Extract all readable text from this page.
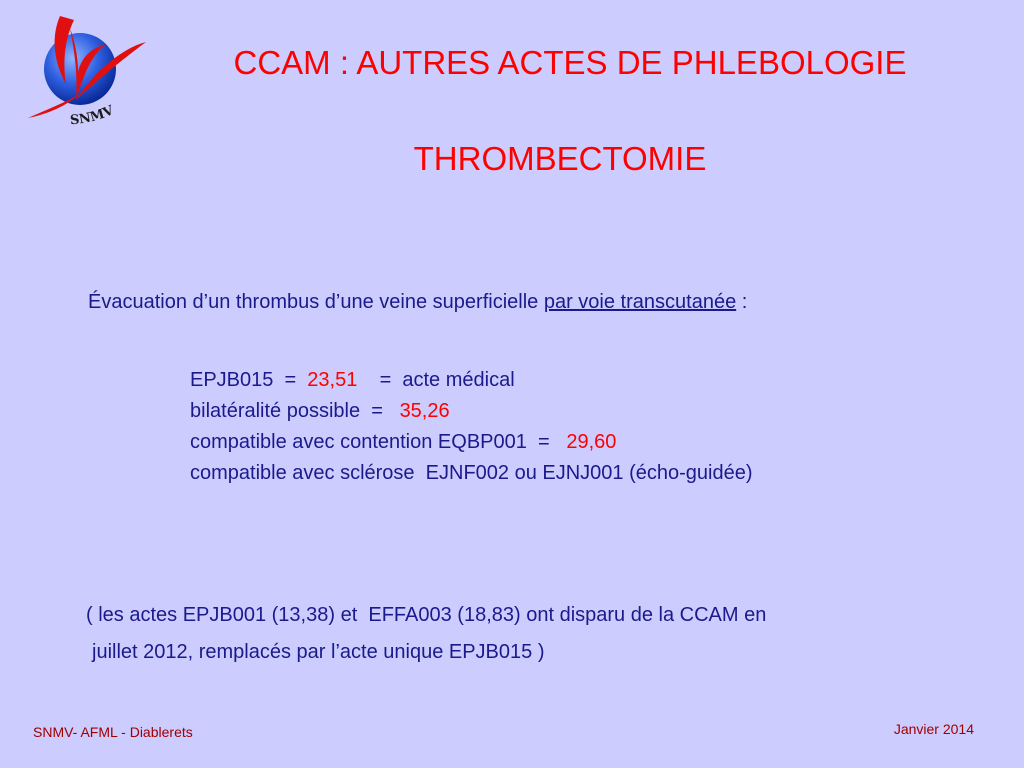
SNMV
CCAM : AUTRES ACTES DE PHLEBOLOGIE
THROMBECTOMIE
Évacuation d’un thrombus d’une veine superficielle par voie transcutanée :
EPJB015  =  23,51    =  acte médical
bilatéralité possible  =   35,26
compatible avec contention EQBP001  =   29,60
compatible avec sclérose  EJNF002 ou EJNJ001 (écho-guidée)
( les actes EPJB001 (13,38) et  EFFA003 (18,83) ont disparu de la CCAM en
juillet 2012, remplacés par l’acte unique EPJB015 )
SNMV- AFML - Diablerets	Janvier 2014
